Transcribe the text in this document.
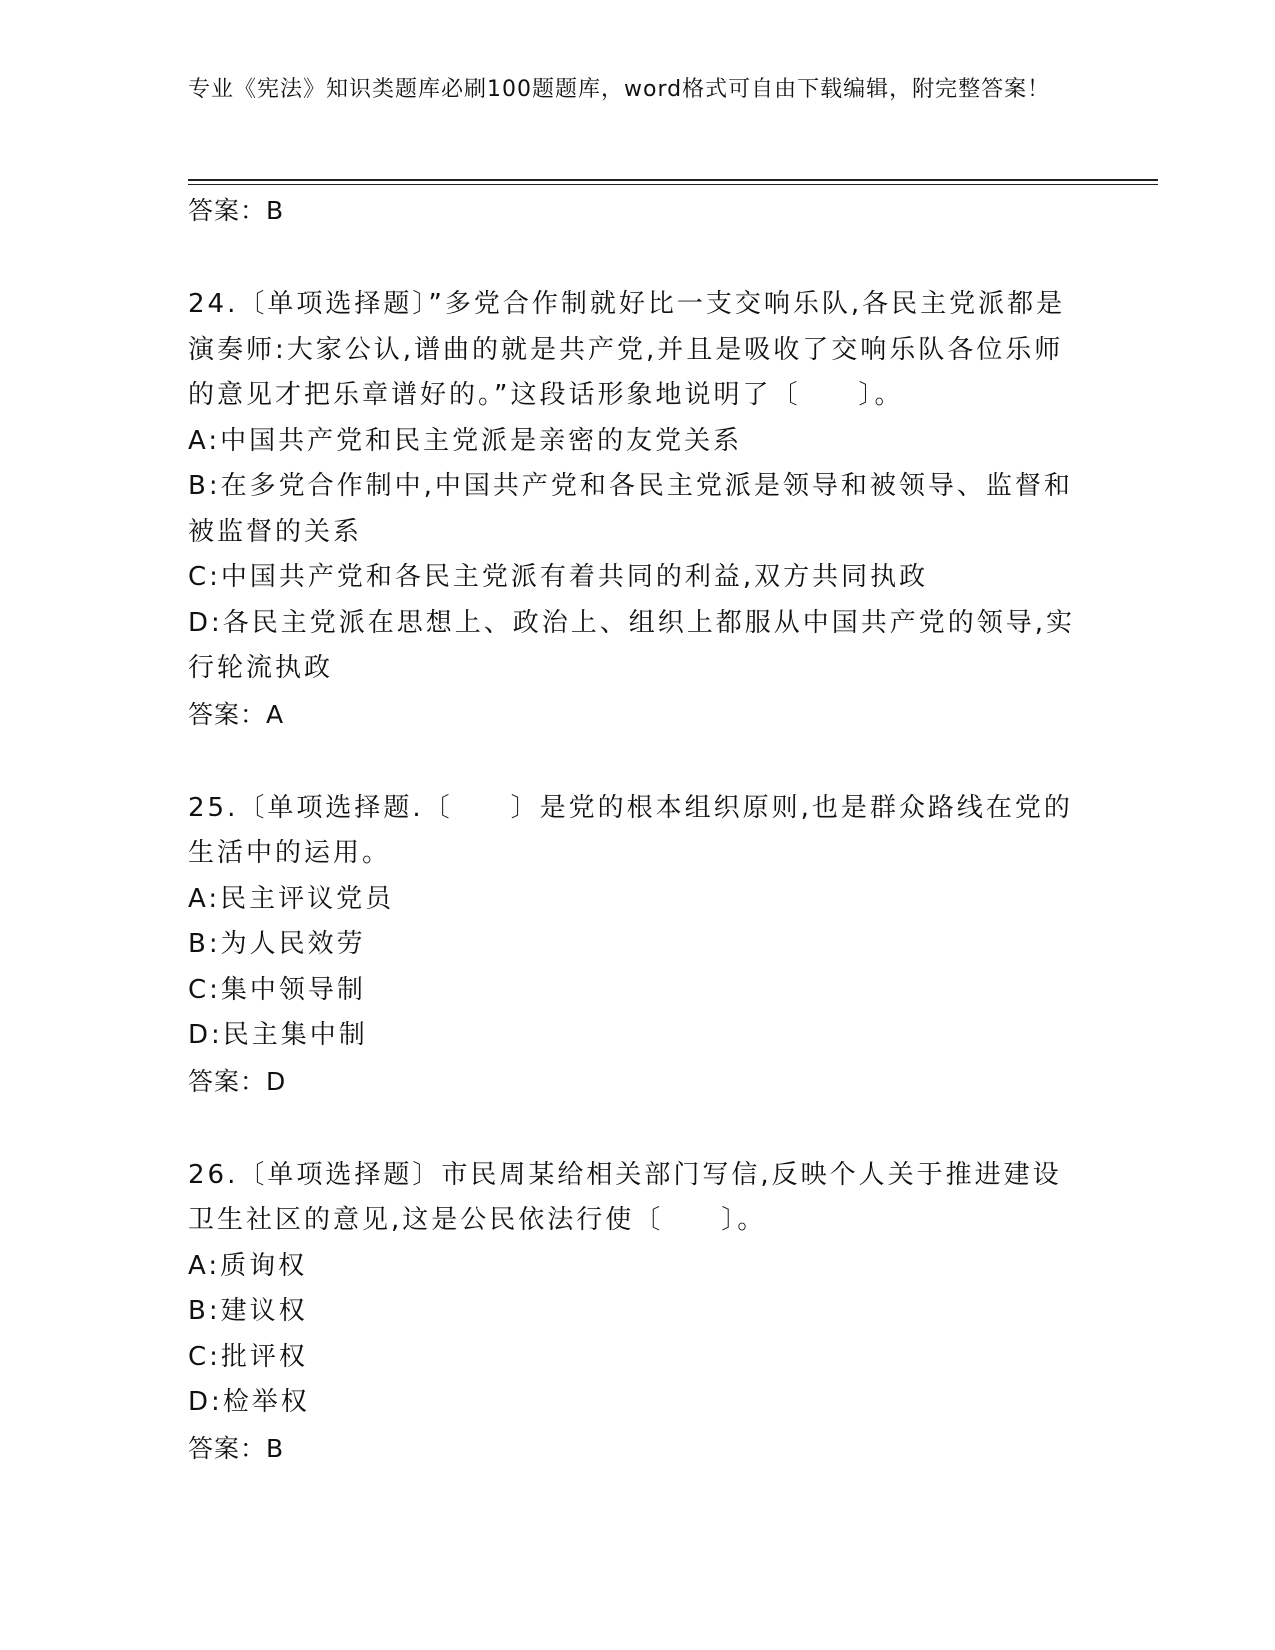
专业《宪法》知识类题库必刷100题题库，word格式可自由下载编辑，附完整答案！

答案：B

24.〔单项选择题〕”多党合作制就好比一支交响乐队,各民主党派都是演奏师:大家公认,谱曲的就是共产党,并且是吸收了交响乐队各位乐师的意见才把乐章谱好的。”这段话形象地说明了〔　　〕。

A:中国共产党和民主党派是亲密的友党关系

B:在多党合作制中,中国共产党和各民主党派是领导和被领导、监督和被监督的关系

C:中国共产党和各民主党派有着共同的利益,双方共同执政

D:各民主党派在思想上、政治上、组织上都服从中国共产党的领导,实行轮流执政

答案：A

25.〔单项选择题.〔　　〕是党的根本组织原则,也是群众路线在党的生活中的运用。

A:民主评议党员

B:为人民效劳

C:集中领导制

D:民主集中制

答案：D

26.〔单项选择题〕市民周某给相关部门写信,反映个人关于推进建设卫生社区的意见,这是公民依法行使〔　　〕。

A:质询权

B:建议权

C:批评权

D:检举权

答案：B
